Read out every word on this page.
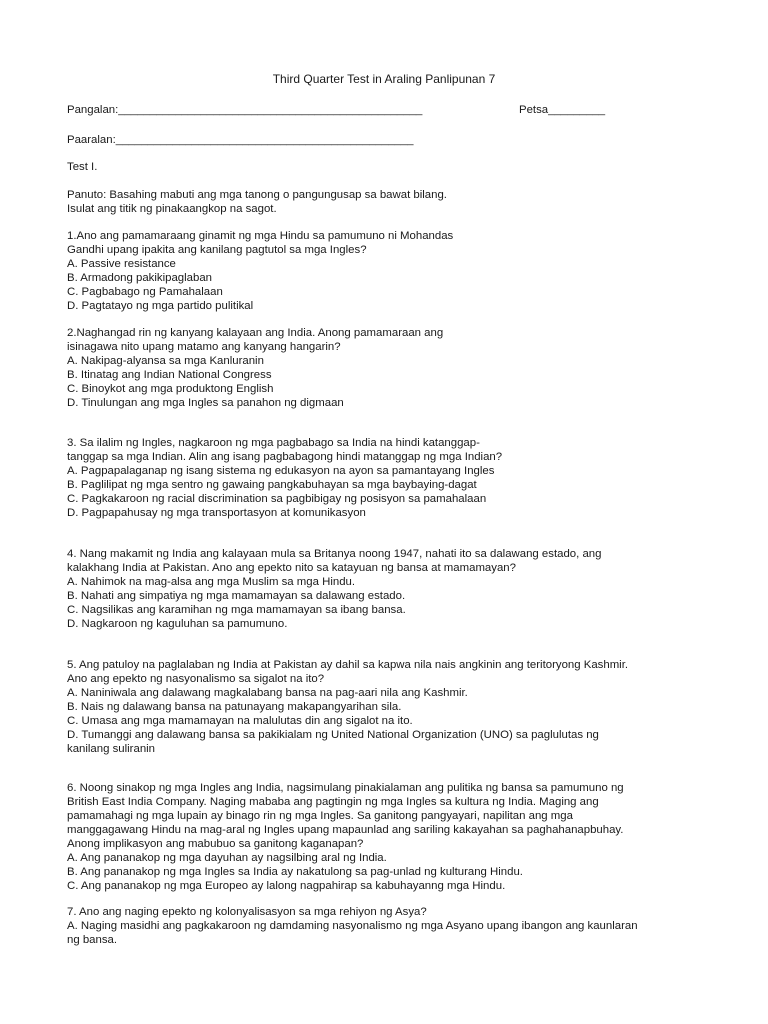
Third Quarter Test in Araling Panlipunan 7
Pangalan:________________________________________________	Petsa_________
Paaralan:_______________________________________________
Test I.
Panuto: Basahing mabuti ang mga tanong o pangungusap sa bawat bilang.
Isulat ang titik ng pinakaangkop na sagot.
1.Ano ang pamamaraang ginamit ng mga Hindu sa pamumuno ni Mohandas
Gandhi upang ipakita ang kanilang pagtutol sa mga Ingles?
A. Passive resistance
B. Armadong pakikipaglaban
C. Pagbabago ng Pamahalaan
D. Pagtatayo ng mga partido pulitikal
2.Naghangad rin ng kanyang kalayaan ang India. Anong pamamaraan ang
isinagawa nito upang matamo ang kanyang hangarin?
A. Nakipag-alyansa sa mga Kanluranin
B. Itinatag ang Indian National Congress
C. Binoykot ang mga produktong English
D. Tinulungan ang mga Ingles sa panahon ng digmaan
3. Sa ilalim ng Ingles, nagkaroon ng mga pagbabago sa India na hindi katanggap-
tanggap sa mga Indian. Alin ang isang pagbabagong hindi matanggap ng mga Indian?
A. Pagpapalaganap ng isang sistema ng edukasyon na ayon sa pamantayang Ingles
B. Paglilipat ng mga sentro ng gawaing pangkabuhayan sa mga baybaying-dagat
C. Pagkakaroon ng racial discrimination sa pagbibigay ng posisyon sa pamahalaan
D. Pagpapahusay ng mga transportasyon at komunikasyon
4. Nang makamit ng India ang kalayaan mula sa Britanya noong 1947, nahati ito sa dalawang estado, ang
kalakhang India at Pakistan. Ano ang epekto nito sa katayuan ng bansa at mamamayan?
A. Nahimok na mag-alsa ang mga Muslim sa mga Hindu.
B. Nahati ang simpatiya ng mga mamamayan sa dalawang estado.
C. Nagsilikas ang karamihan ng mga mamamayan sa ibang bansa.
D. Nagkaroon ng kaguluhan sa pamumuno.
5. Ang patuloy na paglalaban ng India at Pakistan ay dahil sa kapwa nila nais angkinin ang teritoryong Kashmir.
Ano ang epekto ng nasyonalismo sa sigalot na ito?
A. Naniniwala ang dalawang magkalabang bansa na pag-aari nila ang Kashmir.
B. Nais ng dalawang bansa na patunayang makapangyarihan sila.
C. Umasa ang mga mamamayan na malulutas din ang sigalot na ito.
D. Tumanggi ang dalawang bansa sa pakikialam ng United National Organization (UNO) sa paglulutas ng
kanilang suliranin
6. Noong sinakop ng mga Ingles ang India, nagsimulang pinakialaman ang pulitika ng bansa sa pamumuno ng
British East India Company. Naging mababa ang pagtingin ng mga Ingles sa kultura ng India. Maging ang
pamamahagi ng mga lupain ay binago rin ng mga Ingles. Sa ganitong pangyayari, napilitan ang mga
manggagawang Hindu na mag-aral ng Ingles upang mapaunlad ang sariling kakayahan sa paghahanapbuhay.
Anong implikasyon ang mabubuo sa ganitong kaganapan?
A. Ang pananakop ng mga dayuhan ay nagsilbing aral ng India.
B. Ang pananakop ng mga Ingles sa India ay nakatulong sa pag-unlad ng kulturang Hindu.
C. Ang pananakop ng mga Europeo ay lalong nagpahirap sa kabuhayanng mga Hindu.
7. Ano ang naging epekto ng kolonyalisasyon sa mga rehiyon ng Asya?
A. Naging masidhi ang pagkakaroon ng damdaming nasyonalismo ng mga Asyano upang ibangon ang kaunlaran
ng bansa.
